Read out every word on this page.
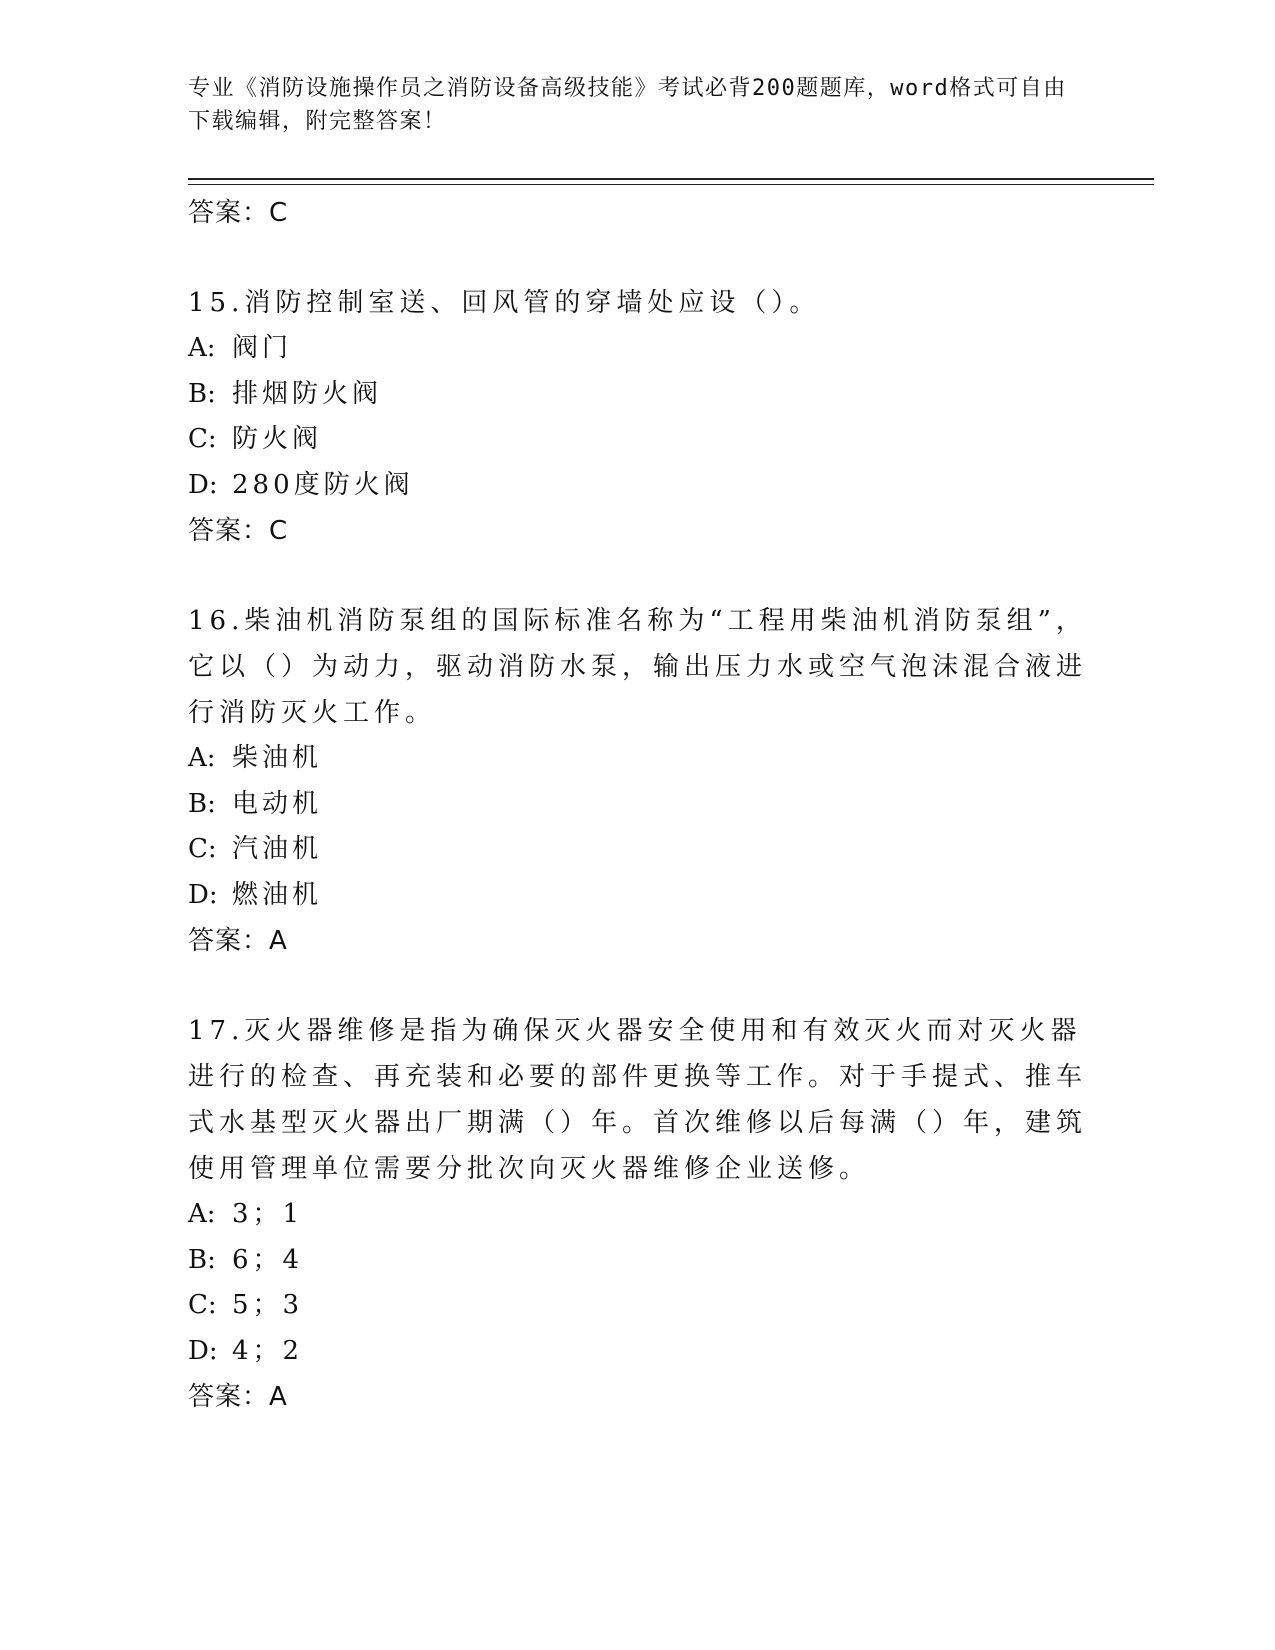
专业《消防设施操作员之消防设备高级技能》考试必背200题题库，word格式可自由下载编辑，附完整答案！
答案：C
15.消防控制室送、回风管的穿墙处应设（）。
A: 阀门
B: 排烟防火阀
C: 防火阀
D: 280度防火阀
答案：C
16.柴油机消防泵组的国际标准名称为“工程用柴油机消防泵组”，它以（）为动力，驱动消防水泵，输出压力水或空气泡沫混合液进行消防灭火工作。
A: 柴油机
B: 电动机
C: 汽油机
D: 燃油机
答案：A
17.灭火器维修是指为确保灭火器安全使用和有效灭火而对灭火器进行的检查、再充装和必要的部件更换等工作。对于手提式、推车式水基型灭火器出厂期满（）年。首次维修以后每满（）年，建筑使用管理单位需要分批次向灭火器维修企业送修。
A: 3；1
B: 6；4
C: 5；3
D: 4；2
答案：A
